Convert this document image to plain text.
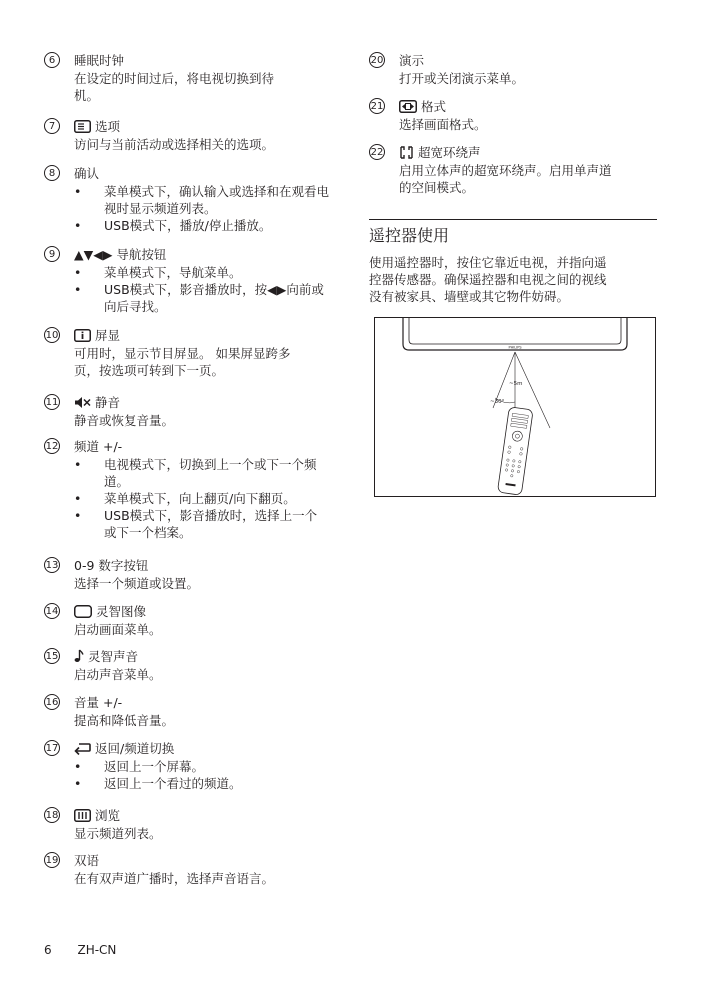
6	睡眠时钟

在设定的时间过后，将电视切换到待

机。

7	选项

访问与当前活动或选择相关的选项。

8	确认
• 菜单模式下，确认输入或选择和在观看电视时显示频道列表。
• USB模式下，播放/停止播放。
9	▲▼◀▶ 导航按钮
• 菜单模式下，导航菜单。
• USB模式下，影音播放时，按◀▶向前或向后寻找。
10	屏显

可用时，显示节目屏显。 如果屏显跨多

页，按选项可转到下一页。

11	静音

静音或恢复音量。

12 频道 +/-
• 电视模式下，切换到上一个或下一个频道。
• 菜单模式下，向上翻页/向下翻页。
• USB模式下，影音播放时，选择上一个或下一个档案。
13 0-9 数字按钮

选择一个频道或设置。

14	灵智图像

启动画面菜单。

15	灵智声音

启动声音菜单。

16 音量 +/-

提高和降低音量。

17	返回/频道切换
• 返回上一个屏幕。
• 返回上一个看过的频道。
18	浏览

显示频道列表。

19 双语

在有双声道广播时，选择声音语言。

20 演示

打开或关闭演示菜单。

21	格式

选择画面格式。

22	超宽环绕声

启用立体声的超宽环绕声。启用单声道

的空间模式。

遥控器使用

使用遥控器时，按住它靠近电视，并指向遥

控器传感器。确保遥控器和电视之间的视线

没有被家具、墙壁或其它物件妨碍。

PHILIPS
~5m
~30°
6 ZH-CN
